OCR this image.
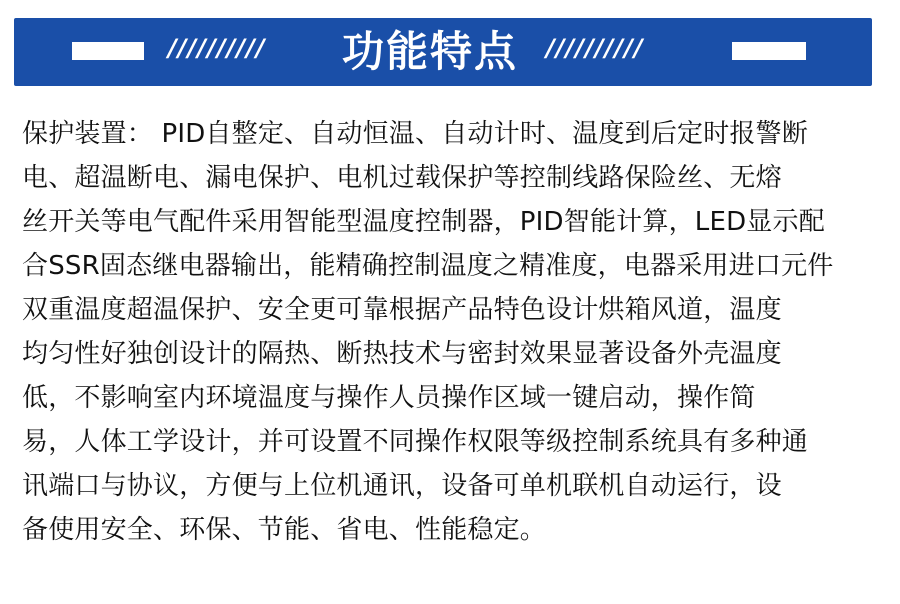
//////////	功能特点	//////////
保护装置： PID自整定、自动恒温、自动计时、温度到后定时报警断
电、超温断电、漏电保护、电机过载保护等控制线路保险丝、无熔
丝开关等电气配件采用智能型温度控制器，PID智能计算，LED显示配
合SSR固态继电器输出，能精确控制温度之精准度，电器采用进口元件
双重温度超温保护、安全更可靠根据产品特色设计烘箱风道，温度
均匀性好独创设计的隔热、断热技术与密封效果显著设备外壳温度
低，不影响室内环境温度与操作人员操作区域一键启动，操作简
易，人体工学设计，并可设置不同操作权限等级控制系统具有多种通
讯端口与协议，方便与上位机通讯，设备可单机联机自动运行，设
备使用安全、环保、节能、省电、性能稳定。
